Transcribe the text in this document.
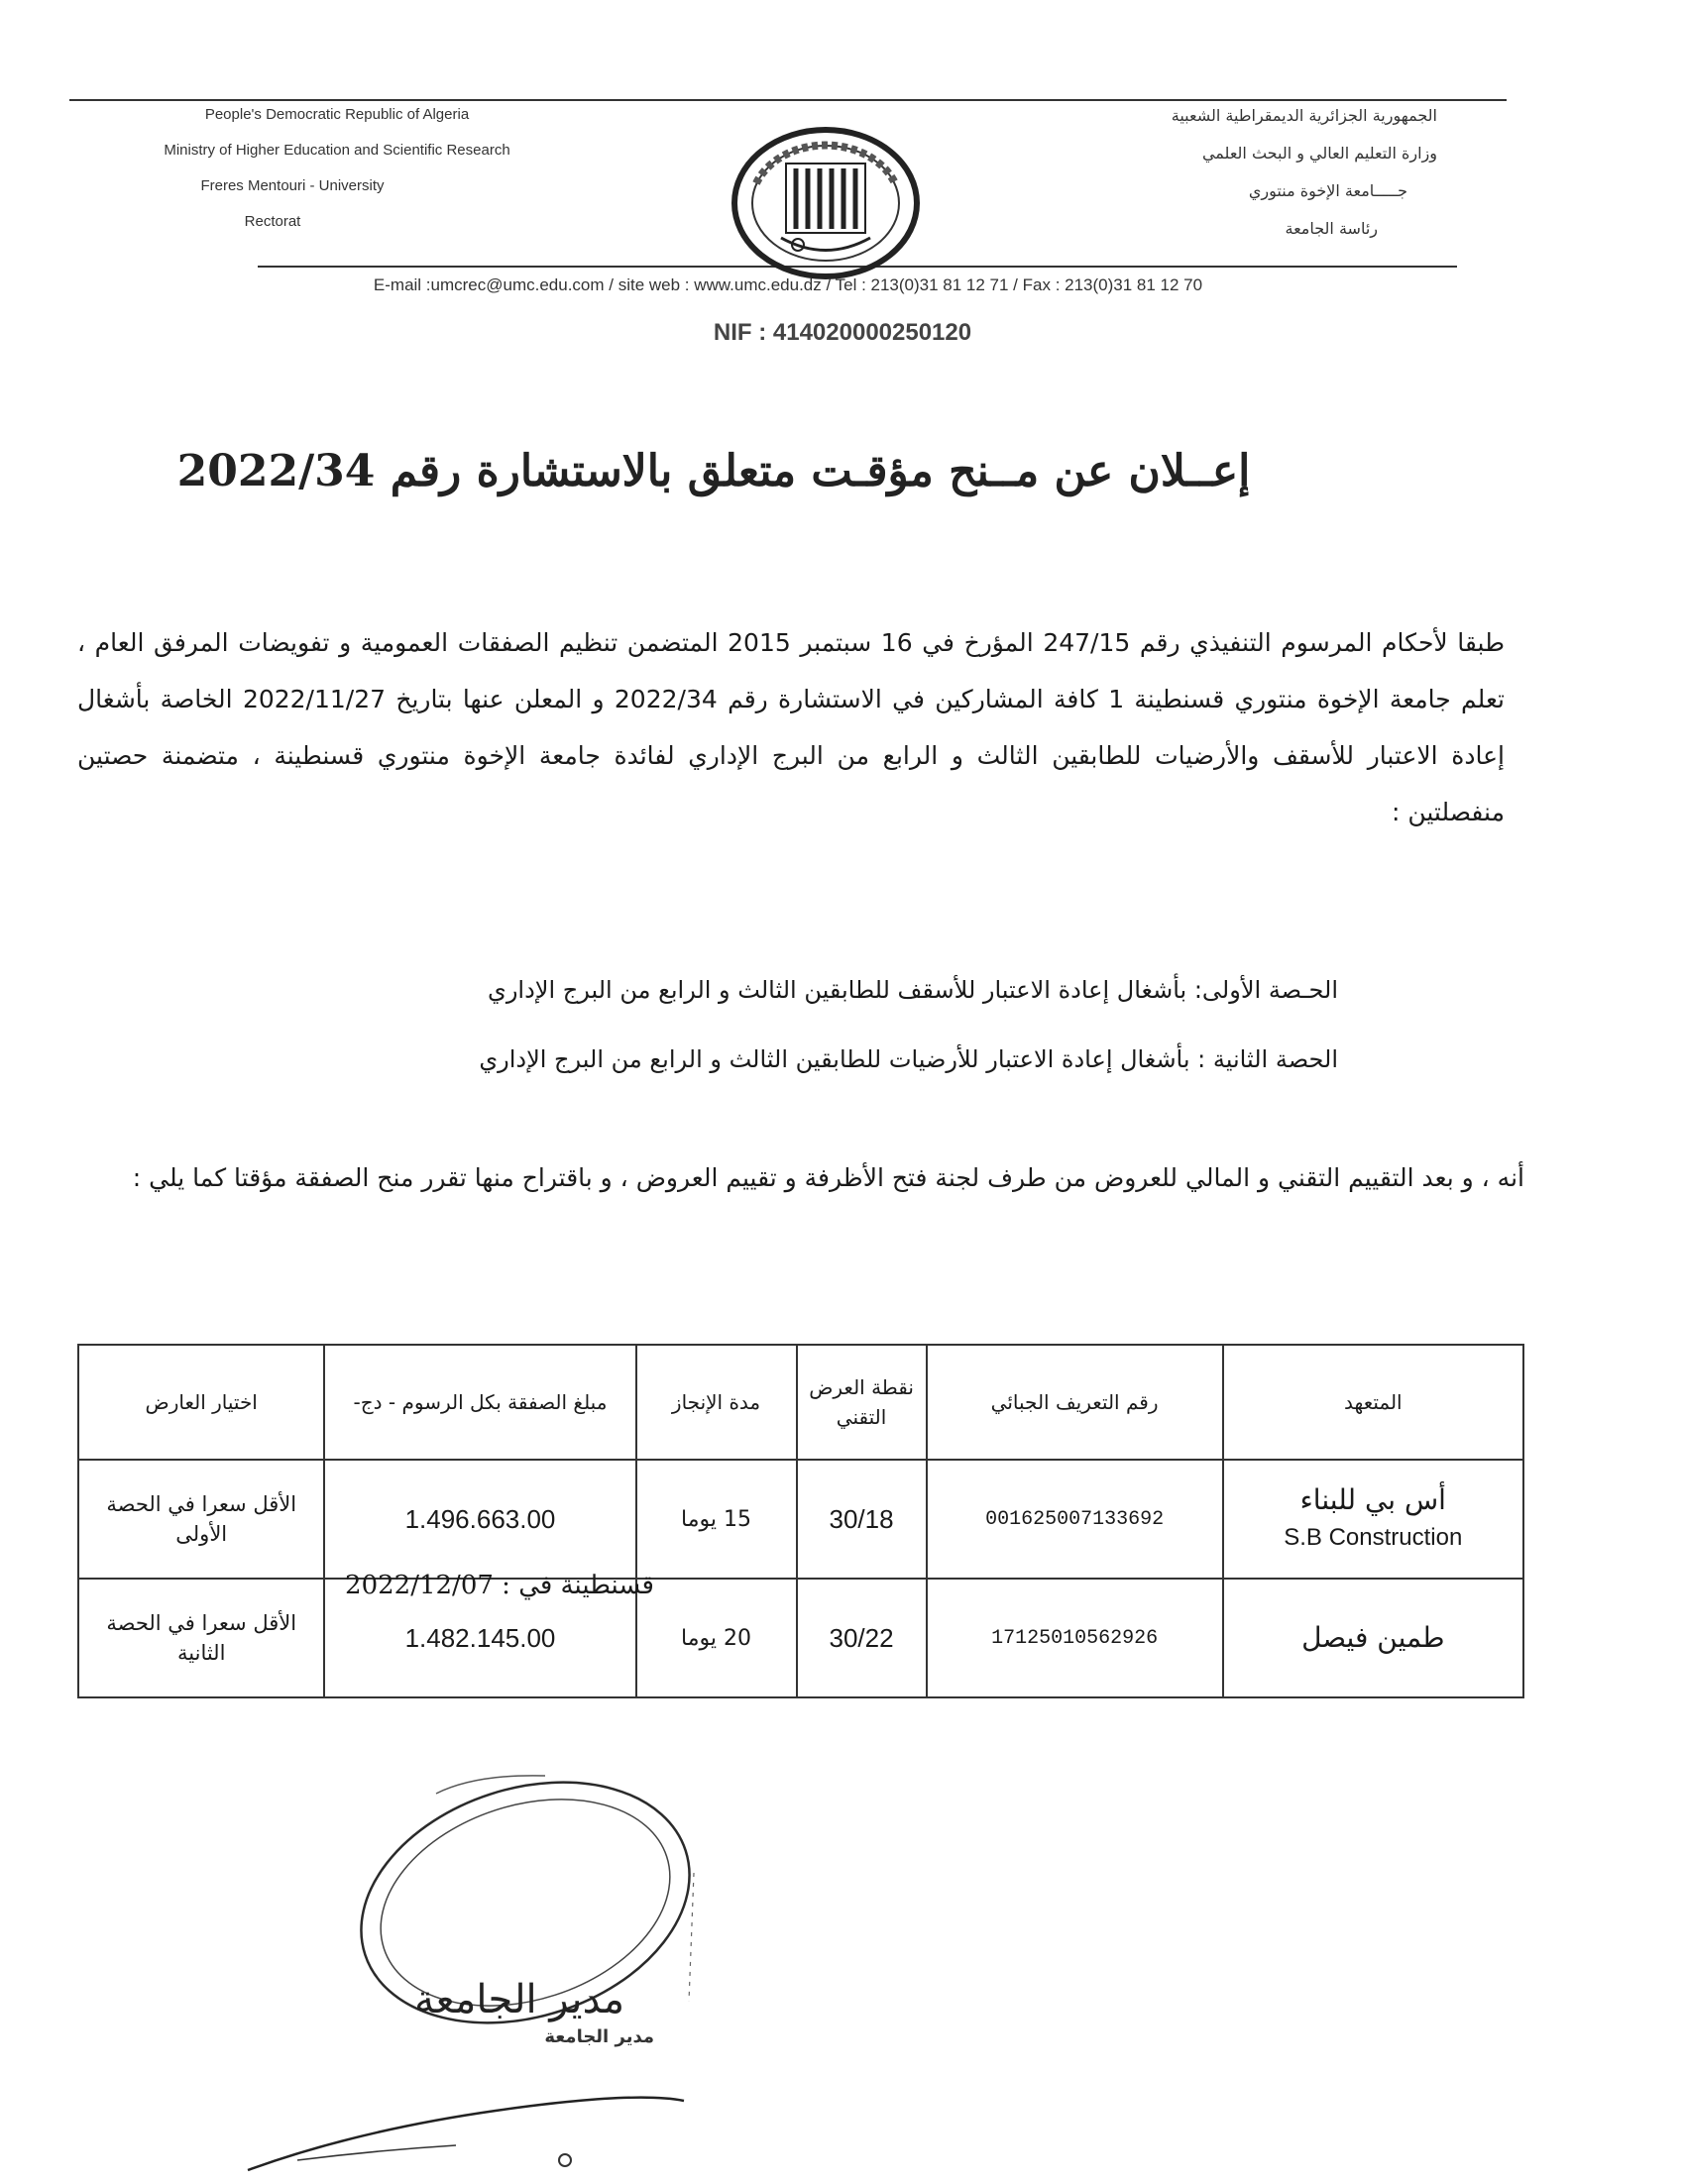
People's Democratic Republic of Algeria
Ministry of Higher Education and Scientific Research
Freres Mentouri - University
Rectorat
الجمهورية الجزائرية الديمقراطية الشعبية
وزارة التعليم العالي و البحث العلمي
جـــــامعة الإخوة منتوري
رئاسة الجامعة
E-mail :umcrec@umc.edu.com / site web : www.umc.edu.dz / Tel : 213(0)31 81 12 71 / Fax : 213(0)31 81 12 70
NIF : 414020000250120
إعــلان عن مــنح مؤقـت متعلق بالاستشارة رقم 2022/34
طبقا لأحكام المرسوم التنفيذي رقم 247/15 المؤرخ في 16 سبتمبر 2015 المتضمن تنظيم الصفقات العمومية و تفويضات المرفق العام ، تعلم جامعة الإخوة منتوري قسنطينة 1 كافة المشاركين في الاستشارة رقم 2022/34 و المعلن عنها بتاريخ 2022/11/27 الخاصة بأشغال إعادة الاعتبار للأسقف والأرضيات للطابقين الثالث و الرابع من البرج الإداري لفائدة جامعة الإخوة منتوري قسنطينة ، متضمنة حصتين منفصلتين :
الحـصة الأولى: بأشغال إعادة الاعتبار للأسقف للطابقين الثالث و الرابع من البرج الإداري
الحصة الثانية : بأشغال إعادة الاعتبار للأرضيات للطابقين الثالث و الرابع من البرج الإداري
أنه ، و بعد التقييم التقني و المالي للعروض من طرف لجنة فتح الأظرفة و تقييم العروض ، و باقتراح منها تقرر منح الصفقة مؤقتا كما يلي :
المتعهد	رقم التعريف الجبائي	نقطة العرض التقني	مدة الإنجاز	مبلغ الصفقة بكل الرسوم - دج-	اختيار العارض
أس بي للبناء
S.B Construction	001625007133692	30/18	15 يوما	1.496.663.00	الأقل سعرا في الحصة الأولى
طمين فيصل	17125010562926	30/22	20 يوما	1.482.145.00	الأقل سعرا في الحصة الثانية
قسنطينة في : 2022/12/07
مدير الجامعة
مدير الجامعة
